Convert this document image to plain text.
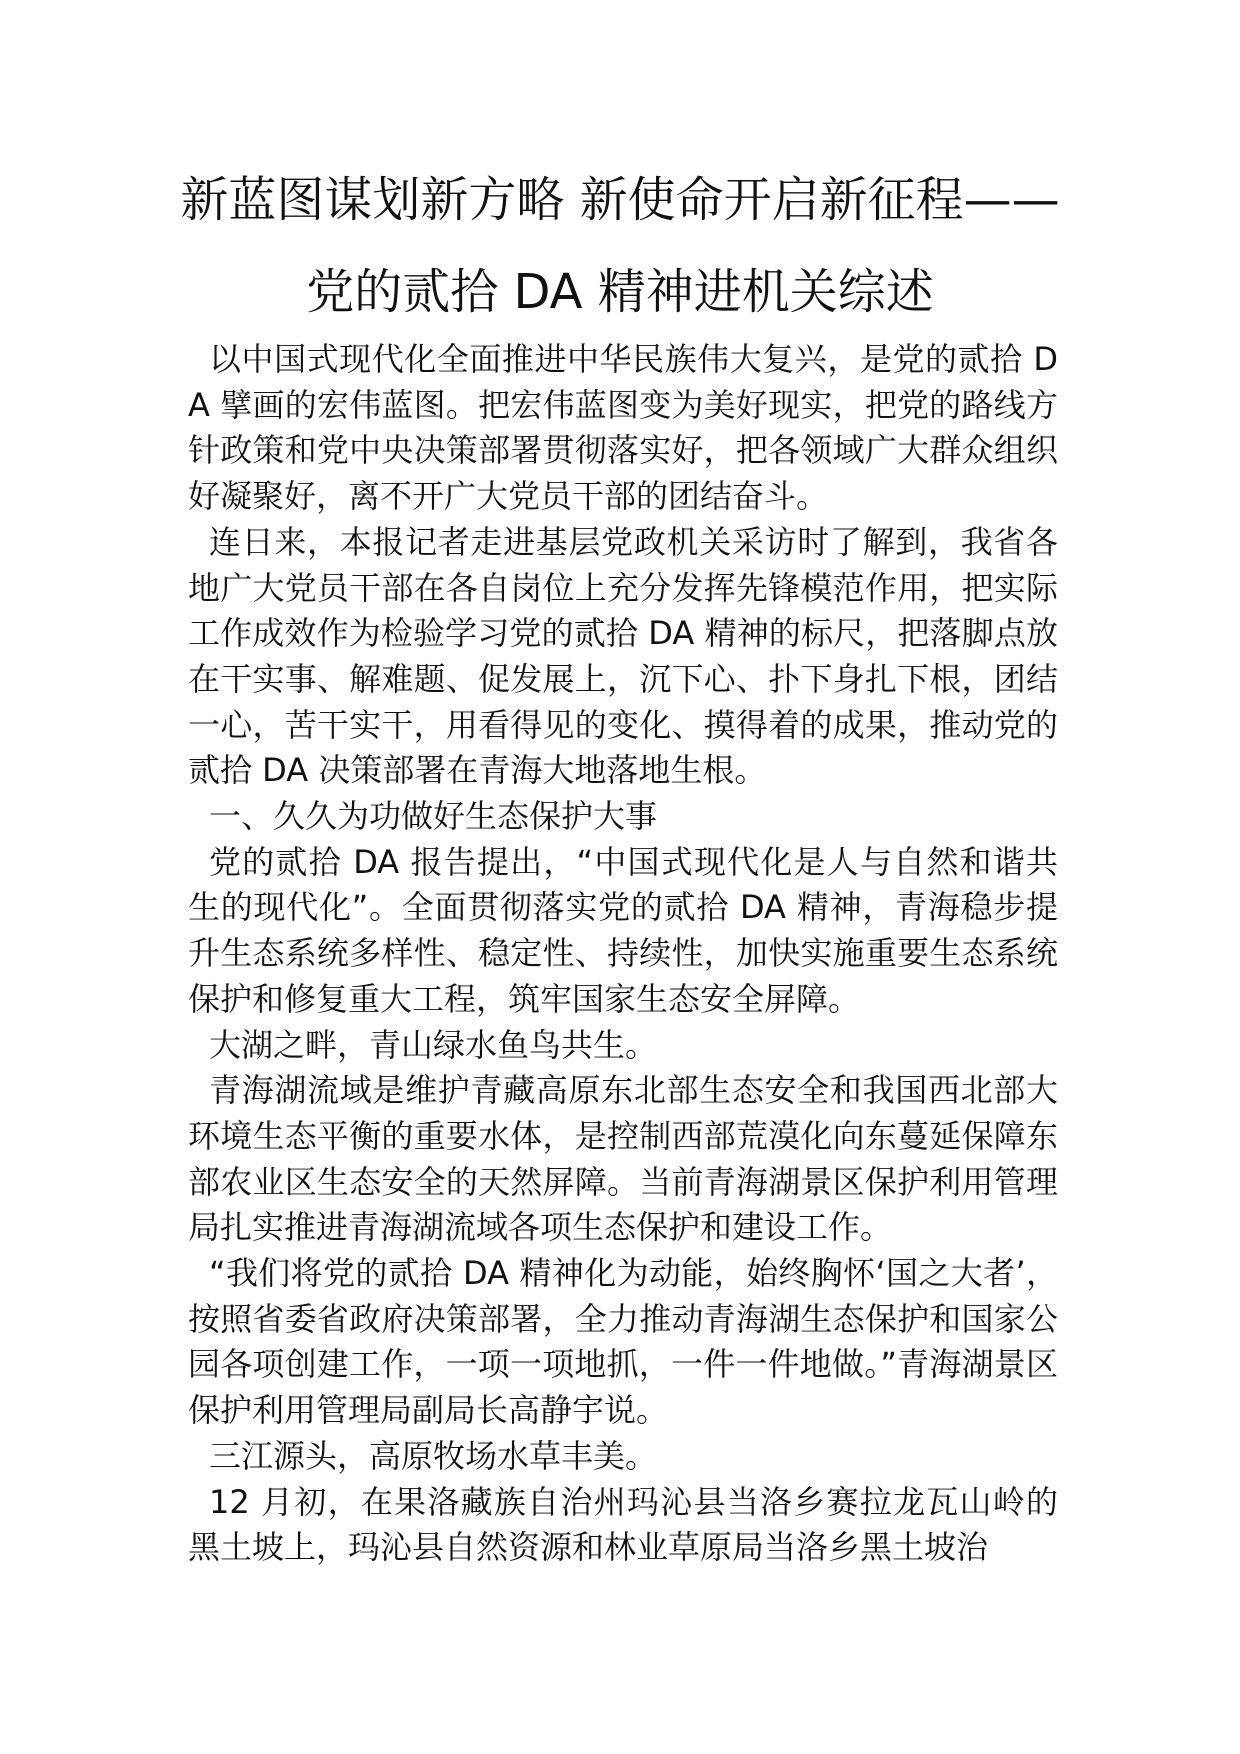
新蓝图谋划新方略 新使命开启新征程——
党的贰拾 DA 精神进机关综述

以中国式现代化全面推进中华民族伟大复兴，是党的贰拾 DA 擘画的宏伟蓝图。把宏伟蓝图变为美好现实，把党的路线方针政策和党中央决策部署贯彻落实好，把各领域广大群众组织好凝聚好，离不开广大党员干部的团结奋斗。

连日来，本报记者走进基层党政机关采访时了解到，我省各地广大党员干部在各自岗位上充分发挥先锋模范作用，把实际工作成效作为检验学习党的贰拾 DA 精神的标尺，把落脚点放在干实事、解难题、促发展上，沉下心、扑下身扎下根，团结一心，苦干实干，用看得见的变化、摸得着的成果，推动党的贰拾 DA 决策部署在青海大地落地生根。

一、久久为功做好生态保护大事

党的贰拾 DA 报告提出，“中国式现代化是人与自然和谐共生的现代化”。全面贯彻落实党的贰拾 DA 精神，青海稳步提升生态系统多样性、稳定性、持续性，加快实施重要生态系统保护和修复重大工程，筑牢国家生态安全屏障。

大湖之畔，青山绿水鱼鸟共生。

青海湖流域是维护青藏高原东北部生态安全和我国西北部大环境生态平衡的重要水体，是控制西部荒漠化向东蔓延保障东部农业区生态安全的天然屏障。当前青海湖景区保护利用管理局扎实推进青海湖流域各项生态保护和建设工作。

“我们将党的贰拾 DA 精神化为动能，始终胸怀‘国之大者’，按照省委省政府决策部署，全力推动青海湖生态保护和国家公园各项创建工作，一项一项地抓，一件一件地做。”青海湖景区保护利用管理局副局长高静宇说。

三江源头，高原牧场水草丰美。

12 月初，在果洛藏族自治州玛沁县当洛乡赛拉龙瓦山岭的黑土坡上，玛沁县自然资源和林业草原局当洛乡黑土坡治
